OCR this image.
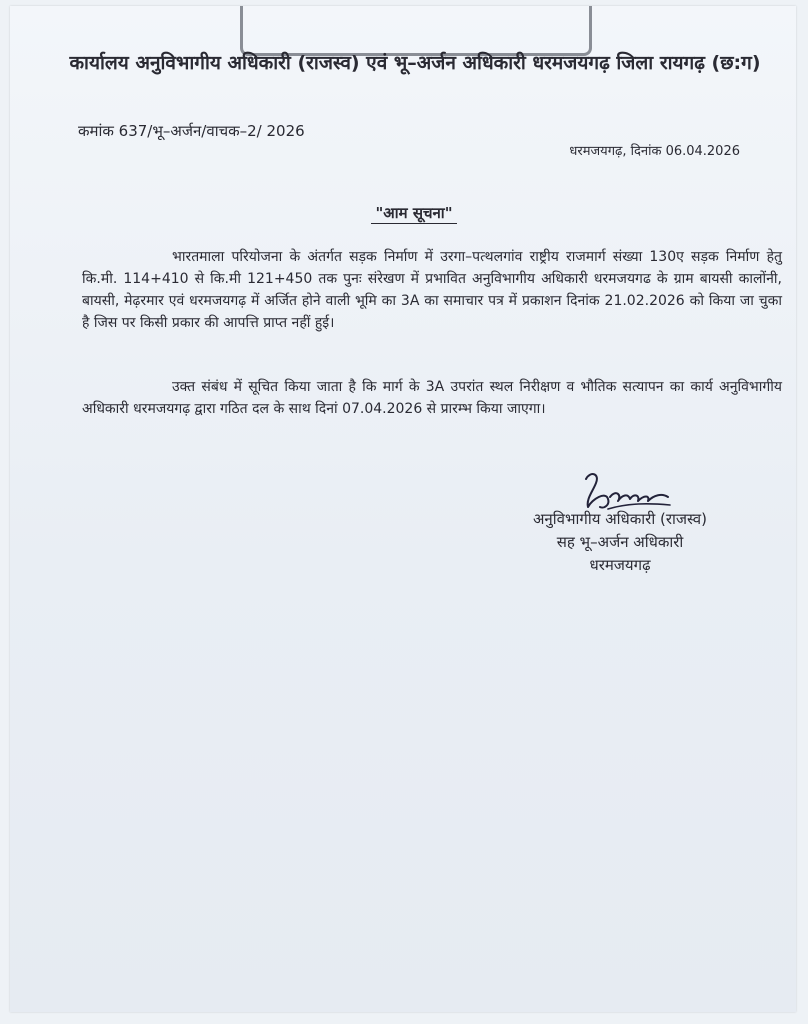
कार्यालय अनुविभागीय अधिकारी (राजस्व) एवं भू–अर्जन अधिकारी धरमजयगढ़ जिला रायगढ़ (छ:ग)
कमांक 637/भू–अर्जन/वाचक–2/ 2026
धरमजयगढ़, दिनांक 06.04.2026
"आम सूचना"
भारतमाला परियोजना के अंतर्गत सड़क निर्माण में उरगा–पत्थलगांव राष्ट्रीय राजमार्ग संख्या 130ए सड़क निर्माण हेतु कि.मी. 114+410 से कि.मी 121+450 तक पुनः संरेखण में प्रभावित अनुविभागीय अधिकारी धरमजयगढ के ग्राम बायसी कालोंनी, बायसी, मेढ़रमार एवं धरमजयगढ़ में अर्जित होने वाली भूमि का 3A का समाचार पत्र में प्रकाशन दिनांक 21.02.2026 को किया जा चुका है जिस पर किसी प्रकार की आपत्ति प्राप्त नहीं हुई।
उक्त संबंध में सूचित किया जाता है कि मार्ग के 3A उपरांत स्थल निरीक्षण व भौतिक सत्यापन का कार्य अनुविभागीय अधिकारी धरमजयगढ़ द्वारा गठित दल के साथ दिनां 07.04.2026 से प्रारम्भ किया जाएगा।
अनुविभागीय अधिकारी (राजस्व)
सह भू–अर्जन अधिकारी
धरमजयगढ़
